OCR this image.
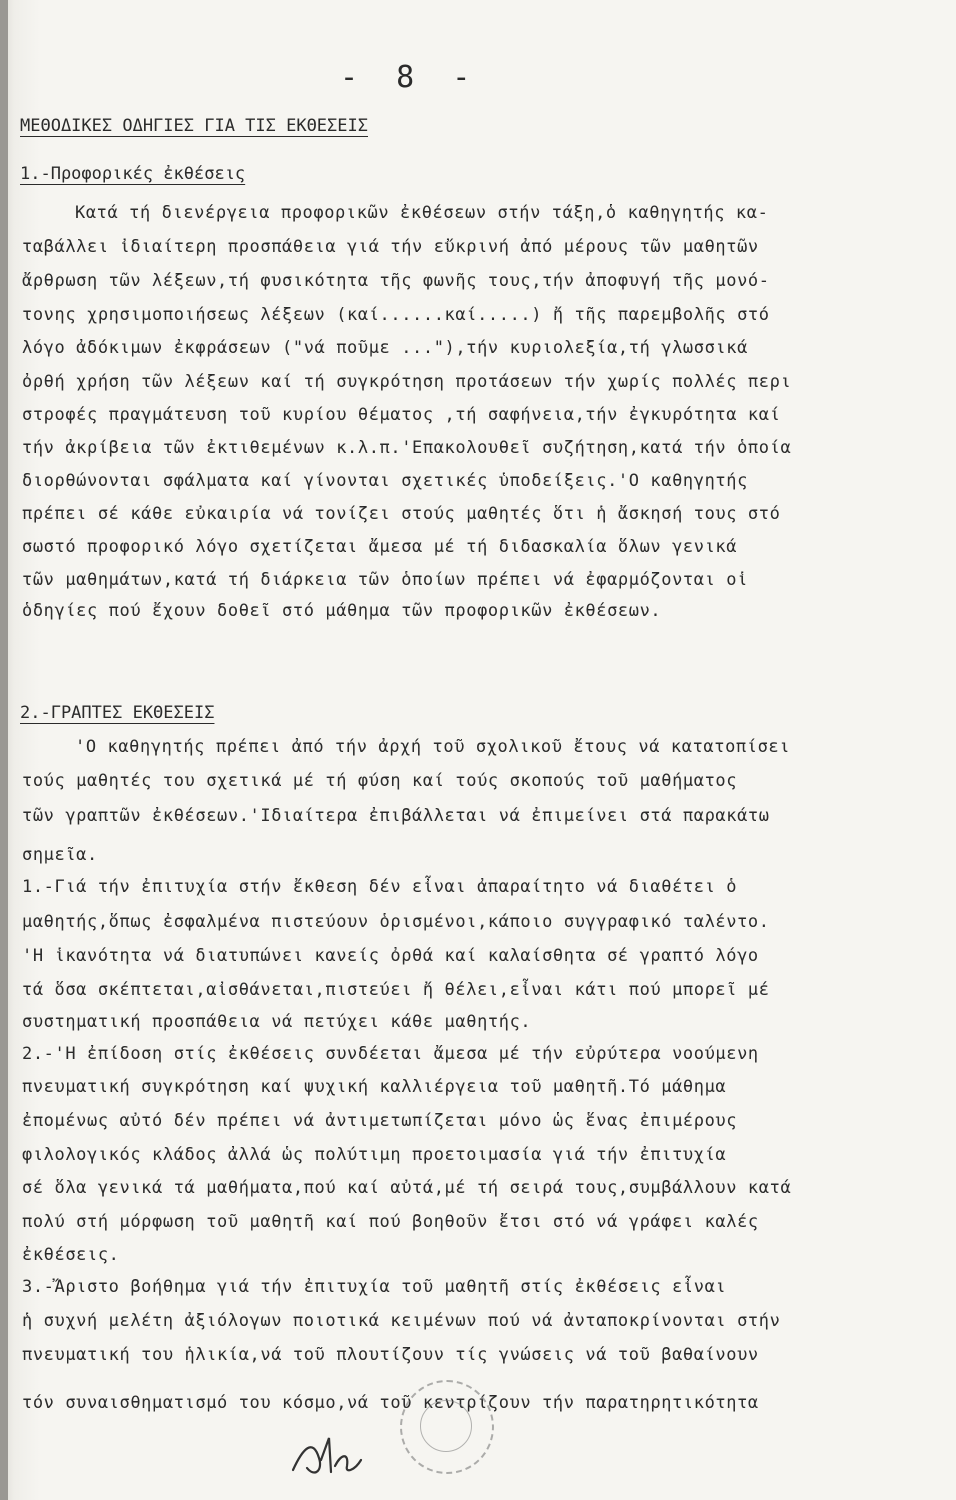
- 8 -
ΜΕΘΟΔΙΚΕΣ ΟΔΗΓΙΕΣ ΓΙΑ ΤΙΣ ΕΚΘΕΣΕΙΣ
1.-Προφορικές ἐκθέσεις
Κατά τή διενέργεια προφορικῶν ἐκθέσεων στήν τάξη,ὁ καθηγητής κα-
ταβάλλει ἰδιαίτερη προσπάθεια γιά τήν εὔκρινή ἀπό μέρους τῶν μαθητῶν
ἄρθρωση τῶν λέξεων,τή φυσικότητα τῆς φωνῆς τους,τήν ἀποφυγή τῆς μονό-
τονης χρησιμοποιήσεως λέξεων (καί......καί.....) ἤ τῆς παρεμβολῆς στό
λόγο ἀδόκιμων ἐκφράσεων ("νά ποῦμε ..."),τήν κυριολεξία,τή γλωσσικά
ὀρθή χρήση τῶν λέξεων καί τή συγκρότηση προτάσεων τήν χωρίς πολλές περι
στροφές πραγμάτευση τοῦ κυρίου θέματος ,τή σαφήνεια,τήν ἐγκυρότητα καί
τήν ἀκρίβεια τῶν ἐκτιθεμένων κ.λ.π.'Επακολουθεῖ συζήτηση,κατά τήν ὁποία
διορθώνονται σφάλματα καί γίνονται σχετικές ὑποδείξεις.'Ο καθηγητής
πρέπει σέ κάθε εὐκαιρία νά τονίζει στούς μαθητές ὅτι ἡ ἄσκησή τους στό
σωστό προφορικό λόγο σχετίζεται ἄμεσα μέ τή διδασκαλία ὅλων γενικά
τῶν μαθημάτων,κατά τή διάρκεια τῶν ὁποίων πρέπει νά ἐφαρμόζονται οἱ
ὁδηγίες πού ἔχουν δοθεῖ στό μάθημα τῶν προφορικῶν ἐκθέσεων.
2.-ΓΡΑΠΤΕΣ ΕΚΘΕΣΕΙΣ
'Ο καθηγητής πρέπει ἀπό τήν ἀρχή τοῦ σχολικοῦ ἔτους νά κατατοπίσει
τούς μαθητές του σχετικά μέ τή φύση καί τούς σκοπούς τοῦ μαθήματος
τῶν γραπτῶν ἐκθέσεων.'Ιδιαίτερα ἐπιβάλλεται νά ἐπιμείνει στά παρακάτω
σημεῖα.
1.-Γιά τήν ἐπιτυχία στήν ἔκθεση δέν εἶναι ἀπαραίτητο νά διαθέτει ὁ
μαθητής,ὅπως ἐσφαλμένα πιστεύουν ὁρισμένοι,κάποιο συγγραφικό ταλέντο.
'Η ἱκανότητα νά διατυπώνει κανείς ὀρθά καί καλαίσθητα σέ γραπτό λόγο
τά ὅσα σκέπτεται,αἰσθάνεται,πιστεύει ἤ θέλει,εἶναι κάτι πού μπορεῖ μέ
συστηματική προσπάθεια νά πετύχει κάθε μαθητής.
2.-'Η ἐπίδοση στίς ἐκθέσεις συνδέεται ἄμεσα μέ τήν εὐρύτερα νοούμενη
πνευματική συγκρότηση καί ψυχική καλλιέργεια τοῦ μαθητῆ.Τό μάθημα
ἐπομένως αὐτό δέν πρέπει νά ἀντιμετωπίζεται μόνο ὡς ἕνας ἐπιμέρους
φιλολογικός κλάδος ἀλλά ὡς πολύτιμη προετοιμασία γιά τήν ἐπιτυχία
σέ ὅλα γενικά τά μαθήματα,πού καί αὐτά,μέ τή σειρά τους,συμβάλλουν κατά
πολύ στή μόρφωση τοῦ μαθητῆ καί πού βοηθοῦν ἔτσι στό νά γράφει καλές
ἐκθέσεις.
3.-Ἄριστο βοήθημα γιά τήν ἐπιτυχία τοῦ μαθητῆ στίς ἐκθέσεις εἶναι
ἡ συχνή μελέτη ἀξιόλογων ποιοτικά κειμένων πού νά ἀνταποκρίνονται στήν
πνευματική του ἡλικία,νά τοῦ πλουτίζουν τίς γνώσεις νά τοῦ βαθαίνουν
τόν συναισθηματισμό του κόσμο,νά τοῦ κεντρίζουν τήν παρατηρητικότητα
